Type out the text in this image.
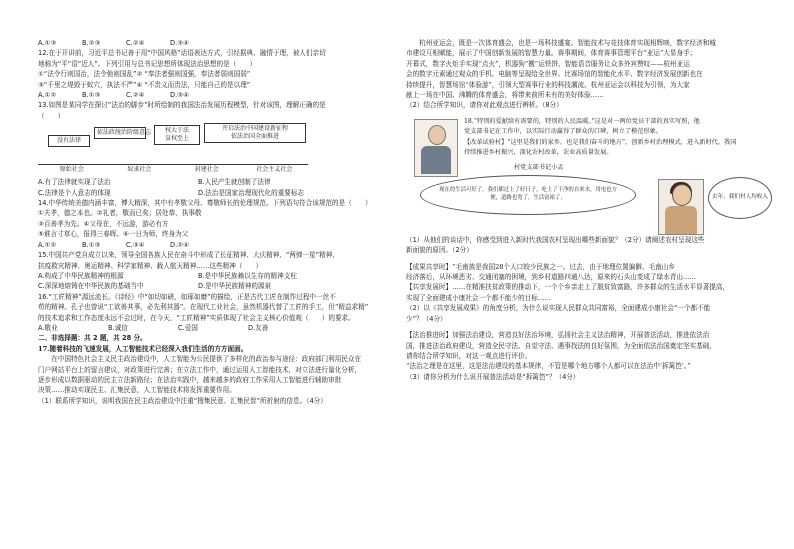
A.①③	B.②③	C.②④	D.③④

12.在于开讲前，习近平总书记善于用“中国风格”话语表达方式，引经据典、融情于理，被人们亲切

地称为“平“语”近人”。下列引用与总书记思想所体现法治思想的是（　　）

①“法令行则国治，法令弛则国乱”② “奉法者强则国强，奉法者弱则国弱”

③“千里之堤毁于蚁穴，执法不严”④ “不贵义而贵法，只能自己的是以理”

A.①②	B.①③	C.②④	D.③④

13.如图是某同学在探讨“法治的脚步”时所绘制的我国法治发展历程模型，针对该图，理解正确的是

（　　）

没有法律
依法政统治阶级意志	权大于法
皇权至上
开启法治中国建设新征程
依法治国全面推进
原始社会	奴隶社会	封建社会	社会主义社会

A.有了法律就实现了法治	B.人民产生就创制了法律

C.法律是个人意志的体现	D.法治是国家治理现代化的重要标志

14.中华传统美德内涵丰富，博大精深，其中有孝敬父母、尊敬师长的伦理规范。下列语句符合该规范的是（　　）

①夫孝，德之本也。②礼者，敬而已矣；居处恭，执事敬

③百善孝为先。④父母在，不远游，游必有方

⑤谁言寸草心，报得三春晖。⑥一日为师，终身为父

A.①②	B.①③	C.③④	D.②④

15.中国共产党自成立以来，领导全国各族人民在奋斗中形成了长征精神、大庆精神、“两弹一星”精神、

抗疫救灾精神、奥运精神、科学家精神、载人航天精神……这些精神（　　）

A.构成了中华民族精神的根源	B.是中华民族赖以生存的精神支柱

C.深深地熔铸在中华民族的基础当中	D.是中华民族精神的源泉

16.“工匠精神”源远流长。《诗经》中“如切如磋，如琢如磨”的描绘，正是古代工匠在制作过程中一丝不

苟的精神。孔子也曾说“工欲善其事，必先利其器”。在现代工业社会，虽然机器代替了工匠的手工，但“精益求精”

的技术追求和工作态度永远不会过时，在今天，“工匠精神”实质体现了社会主义核心价值观（　　）的要求。

A.敬业	B.诚信	C.爱国	D.友善

二、非选择题：共 2 题，共 28 分。

17.随着科技的飞速发展，人工智能技术已经深入我们生活的方方面面。

　　在中国特色社会主义民主政治建设中，人工智能为公民提供了多样化的政治参与途径：政府部门利用民众在

门户网站平台上的留言建议，对政策进行完善；在立法工作中，通过运用人工智能技术，对立法进行量化分析，

逐步形成以数据驱动的民主立法新路径；在法治实践中，越来越多的政府工作采用人工智能进行辅助审批

决策……推动实现民主、汇集民意，人工智能技术将发挥重要作用。

（1）联系所学知识，说明我国在民主政治建设中注重“搜集民意、汇集民智”所折射的信息。（4分）

　　杭州亚运会，既是一次体育盛会，也是一场科技盛宴。智能技术与竞技体育实现相辉映，数字经济和城

市建设互相赋能，展示了中国创新发展的智慧力量。赛事期间，体育赛事管理平台“亚运”大显身手；

开幕式，数字火炬手实现“点火”，机器狗“搬”运铁饼、智能语音服务让众多外宾赞叹——杭州亚运

会的数字元素通过观众的手机、电脑等呈现给全世界。比赛场馆的智能化水平、数字经济发展创新也在

持续提升，智慧场馆“体验游”，引领大型赛事行业的科技潮流。杭州亚运会以科技为引领，为大家

献上一场在中国、沸腾的体育盛会，将带来前所未有的美好体验……

（2）结合所学知识，请你对此观点进行辨析。（8分）

18.“特别的爱献给有需要的，特别的人民温暖。”这是对一两位党员干部的真实写照，他

党支部书记在工作中，以实际行动赢得了群众的口碑，树立了模范形象。

【改革试验村】“这里是我们的家乡，也是我们奋斗的地方”，创新乡村治理模式，进入新时代，我国

持续推进乡村振兴，深化农村改革，农业高质量发展。

村党支部书记小孟
现在的生活可好了，我们都过上了好日子，吃上了干净的自来水，用电也方便，道路也宽了，生活富裕了，	去年，我们村人均收入

（1）从他们的谈话中，你感受到进入新时代我国农村呈现出哪些新面貌？（2分）请阐述农村呈现这些

新面貌的原因。（2分）

【成果共享时】“毛南族是我国28个人口较少民族之一。过去，由于地理位置偏僻、毛南山乡

经济落后，从环境恶劣、交通闭塞的困境，到乡村道路四通八达，原来的石头山变成了绿水青山……

【共享发展时】……在精准扶贫政策的推动下，一个个乡亲走上了脱贫致富路，许多群众的生活水平显著提高，

实现了全面建成小康社会一个都不能少的目标……

（2）以《共享发展成果》的角度分析，为什么说实现人民群众共同富裕，全面建成小康社会“一个都不能

少”？（4分）

【法治推进时】加强法治建设，营造良好法治环境，弘扬社会主义法治精神，开展普法活动，推进依法治

国，推进法治政府建设，营造全民守法、自觉守法、遇事找法的良好氛围，为全面依法治国奠定坚实基础，

请你结合所学知识，对这一观点进行评价。

“法治之理是在这里，这是法治建设的基本规律，不管是哪个地方哪个人都可以在法治中‘拆篱笆’。”

（3）请你分析为什么说开展普法活动是“拆篱笆”？（4分）
